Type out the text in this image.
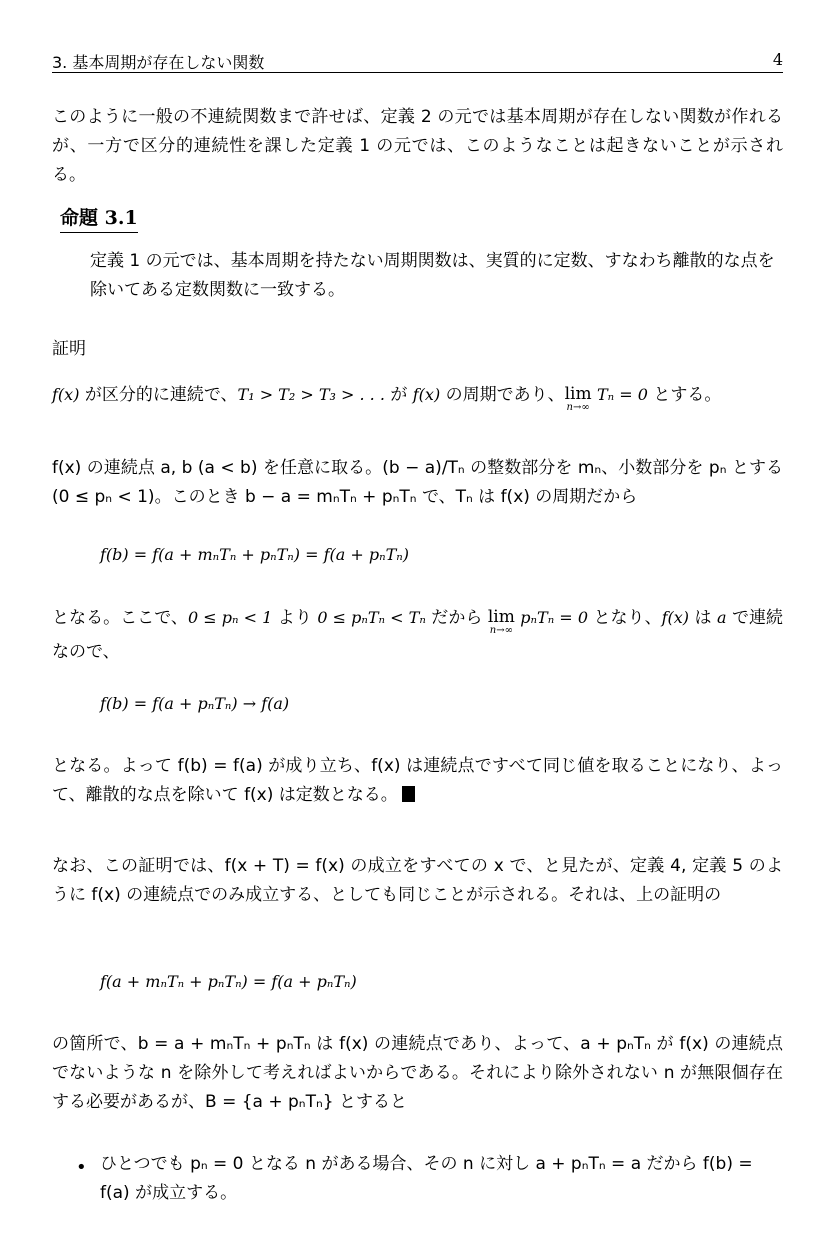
3. 基本周期が存在しない関数	4
このように一般の不連続関数まで許せば、定義 2 の元では基本周期が存在しない関数が作れるが、一方で区分的連続性を課した定義 1 の元では、このようなことは起きないことが示される。
命題 3.1
定義 1 の元では、基本周期を持たない周期関数は、実質的に定数、すなわち離散的な点を除いてある定数関数に一致する。
証明
f(x) が区分的に連続で、T₁ > T₂ > T₃ > . . . が f(x) の周期であり、lim
n→∞
Tₙ = 0 とする。
f(x) の連続点 a, b (a < b) を任意に取る。(b − a)/Tₙ の整数部分を mₙ、小数部分を pₙ とする (0 ≤ pₙ < 1)。このとき b − a = mₙTₙ + pₙTₙ で、Tₙ は f(x) の周期だから
f(b) = f(a + mₙTₙ + pₙTₙ) = f(a + pₙTₙ)
となる。ここで、0 ≤ pₙ < 1 より 0 ≤ pₙTₙ < Tₙ だから lim
n→∞
pₙTₙ = 0 となり、f(x) は a で連続なので、
f(b) = f(a + pₙTₙ) → f(a)
となる。よって f(b) = f(a) が成り立ち、f(x) は連続点ですべて同じ値を取ることになり、よって、離散的な点を除いて f(x) は定数となる。
なお、この証明では、f(x + T) = f(x) の成立をすべての x で、と見たが、定義 4, 定義 5 のように f(x) の連続点でのみ成立する、としても同じことが示される。それは、上の証明の
f(a + mₙTₙ + pₙTₙ) = f(a + pₙTₙ)
の箇所で、b = a + mₙTₙ + pₙTₙ は f(x) の連続点であり、よって、a + pₙTₙ が f(x) の連続点でないような n を除外して考えればよいからである。それにより除外されない n が無限個存在する必要があるが、B = {a + pₙTₙ} とすると
• ひとつでも pₙ = 0 となる n がある場合、その n に対し a + pₙTₙ = a だから f(b) = f(a) が成立する。
